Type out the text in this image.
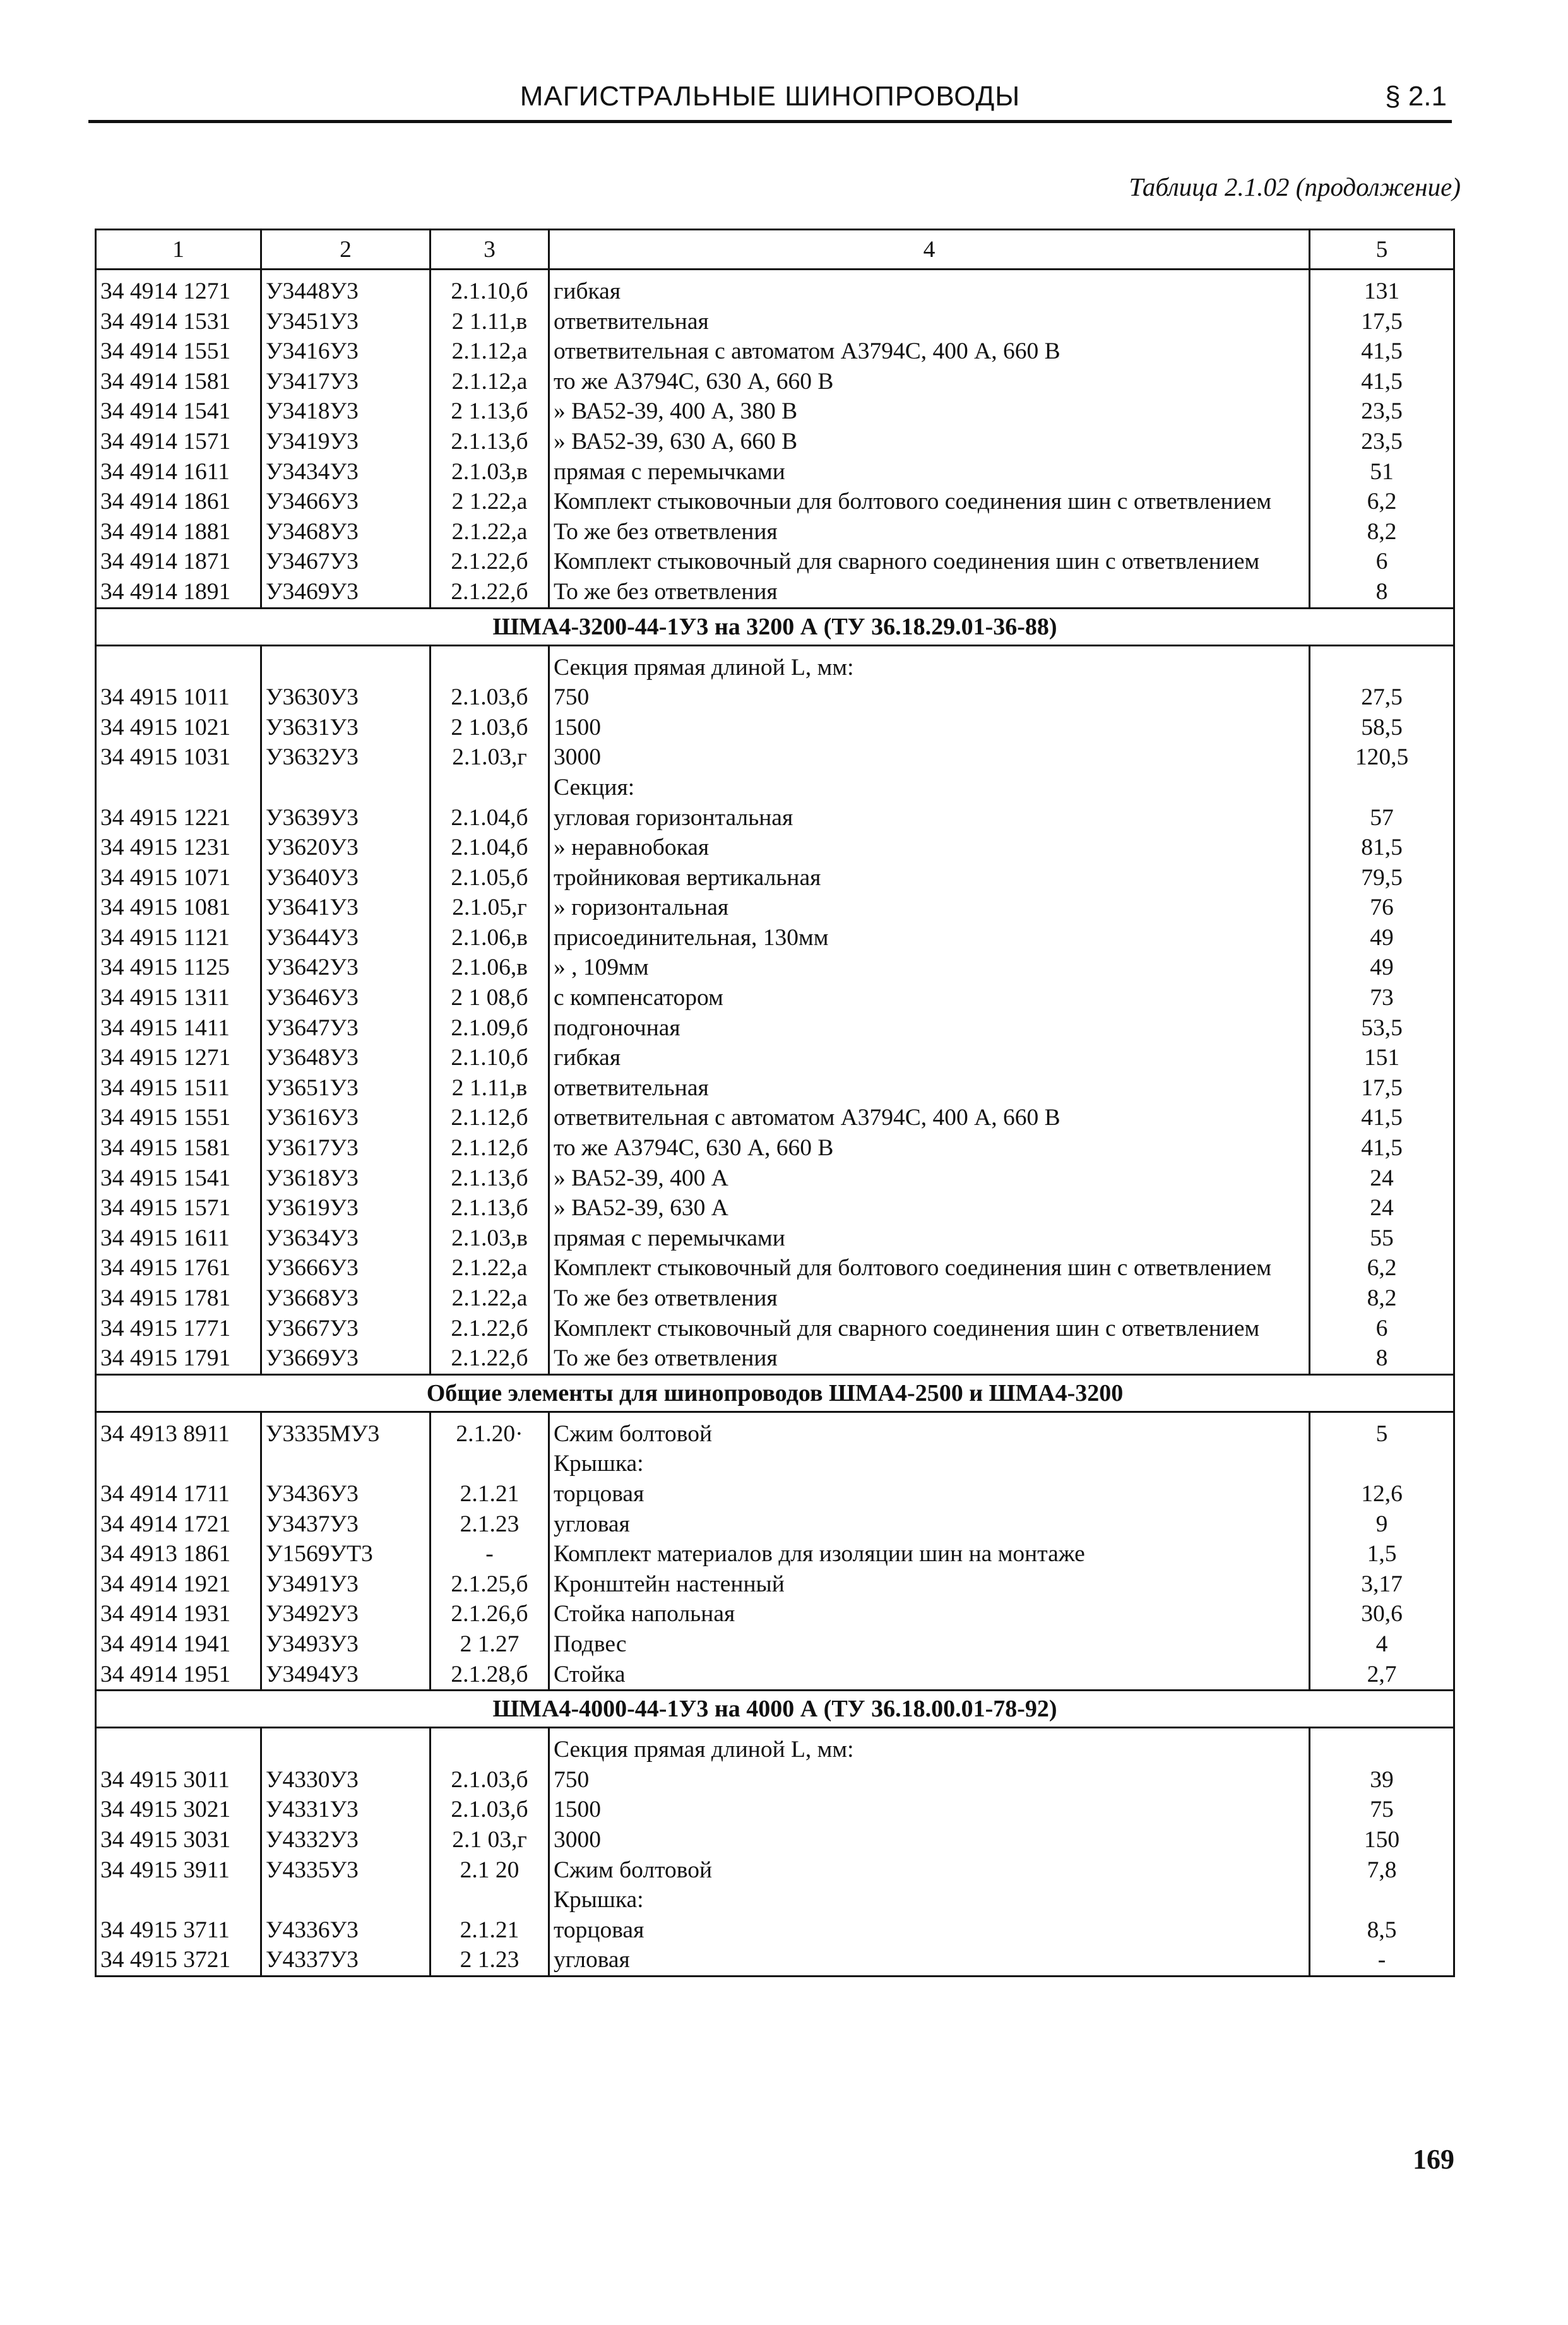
МАГИСТРАЛЬНЫЕ ШИНОПРОВОДЫ	§ 2.1
Таблица 2.1.02 (продолжение)
1	2	3	4	5
34 4914 1271	У3448У3	2.1.10,б	гибкая	131
34 4914 1531	У3451У3	2 1.11,в	ответвительная	17,5
34 4914 1551	У3416У3	2.1.12,а	ответвительная с автоматом А3794С, 400 А, 660 В	41,5
34 4914 1581	У3417У3	2.1.12,а	то же А3794С, 630 А, 660 В	41,5
34 4914 1541	У3418У3	2 1.13,б	» ВА52-39, 400 А, 380 В	23,5
34 4914 1571	У3419У3	2.1.13,б	» ВА52-39, 630 А, 660 В	23,5
34 4914 1611	У3434У3	2.1.03,в	прямая с перемычками	51
34 4914 1861	У3466У3	2 1.22,а	Комплект стыковочныи для болтового соединения шин с ответвлением	6,2
34 4914 1881	У3468У3	2.1.22,а	То же без ответвления	8,2
34 4914 1871	У3467У3	2.1.22,б	Комплект стыковочный для сварного соединения шин с ответвлением	6
34 4914 1891	У3469У3	2.1.22,б	То же без ответвления	8
ШМА4-3200-44-1У3 на 3200 А (ТУ 36.18.29.01-36-88)				
			Секция прямая длиной L, мм:	
34 4915 1011	У3630У3	2.1.03,б	750	27,5
34 4915 1021	У3631У3	2 1.03,б	1500	58,5
34 4915 1031	У3632У3	2.1.03,г	3000	120,5
			Секция:	
34 4915 1221	У3639У3	2.1.04,б	угловая горизонтальная	57
34 4915 1231	У3620У3	2.1.04,б	» неравнобокая	81,5
34 4915 1071	У3640У3	2.1.05,б	тройниковая вертикальная	79,5
34 4915 1081	У3641У3	2.1.05,г	» горизонтальная	76
34 4915 1121	У3644У3	2.1.06,в	присоединительная, 130мм	49
34 4915 1125	У3642У3	2.1.06,в	» , 109мм	49
34 4915 1311	У3646У3	2 1 08,б	с компенсатором	73
34 4915 1411	У3647У3	2.1.09,б	подгоночная	53,5
34 4915 1271	У3648У3	2.1.10,б	гибкая	151
34 4915 1511	У3651У3	2 1.11,в	ответвительная	17,5
34 4915 1551	У3616У3	2.1.12,б	ответвительная с автоматом А3794С, 400 А, 660 В	41,5
34 4915 1581	У3617У3	2.1.12,б	то же А3794С, 630 А, 660 В	41,5
34 4915 1541	У3618У3	2.1.13,б	» ВА52-39, 400 А	24
34 4915 1571	У3619У3	2.1.13,б	» ВА52-39, 630 А	24
34 4915 1611	У3634У3	2.1.03,в	прямая с перемычками	55
34 4915 1761	У3666У3	2.1.22,а	Комплект стыковочный для болтового соединения шин с ответвлением	6,2
34 4915 1781	У3668У3	2.1.22,а	То же без ответвления	8,2
34 4915 1771	У3667У3	2.1.22,б	Комплект стыковочный для сварного соединения шин с ответвлением	6
34 4915 1791	У3669У3	2.1.22,б	То же без ответвления	8
Общие элементы для шинопроводов ШМА4-2500 и ШМА4-3200				
34 4913 8911	У3335МУ3	2.1.20·	Сжим болтовой	5
			Крышка:	
34 4914 1711	У3436У3	2.1.21	торцовая	12,6
34 4914 1721	У3437У3	2.1.23	угловая	9
34 4913 1861	У1569УТ3	-	Комплект материалов для изоляции шин на монтаже	1,5
34 4914 1921	У3491У3	2.1.25,б	Кронштейн настенный	3,17
34 4914 1931	У3492У3	2.1.26,б	Стойка напольная	30,6
34 4914 1941	У3493У3	2 1.27	Подвес	4
34 4914 1951	У3494У3	2.1.28,б	Стойка	2,7
ШМА4-4000-44-1У3 на 4000 А (ТУ 36.18.00.01-78-92)				
			Секция прямая длиной L, мм:	
34 4915 3011	У4330У3	2.1.03,б	750	39
34 4915 3021	У4331У3	2.1.03,б	1500	75
34 4915 3031	У4332У3	2.1 03,г	3000	150
34 4915 3911	У4335У3	2.1 20	Сжим болтовой	7,8
			Крышка:	
34 4915 3711	У4336У3	2.1.21	торцовая	8,5
34 4915 3721	У4337У3	2 1.23	угловая	-
169
